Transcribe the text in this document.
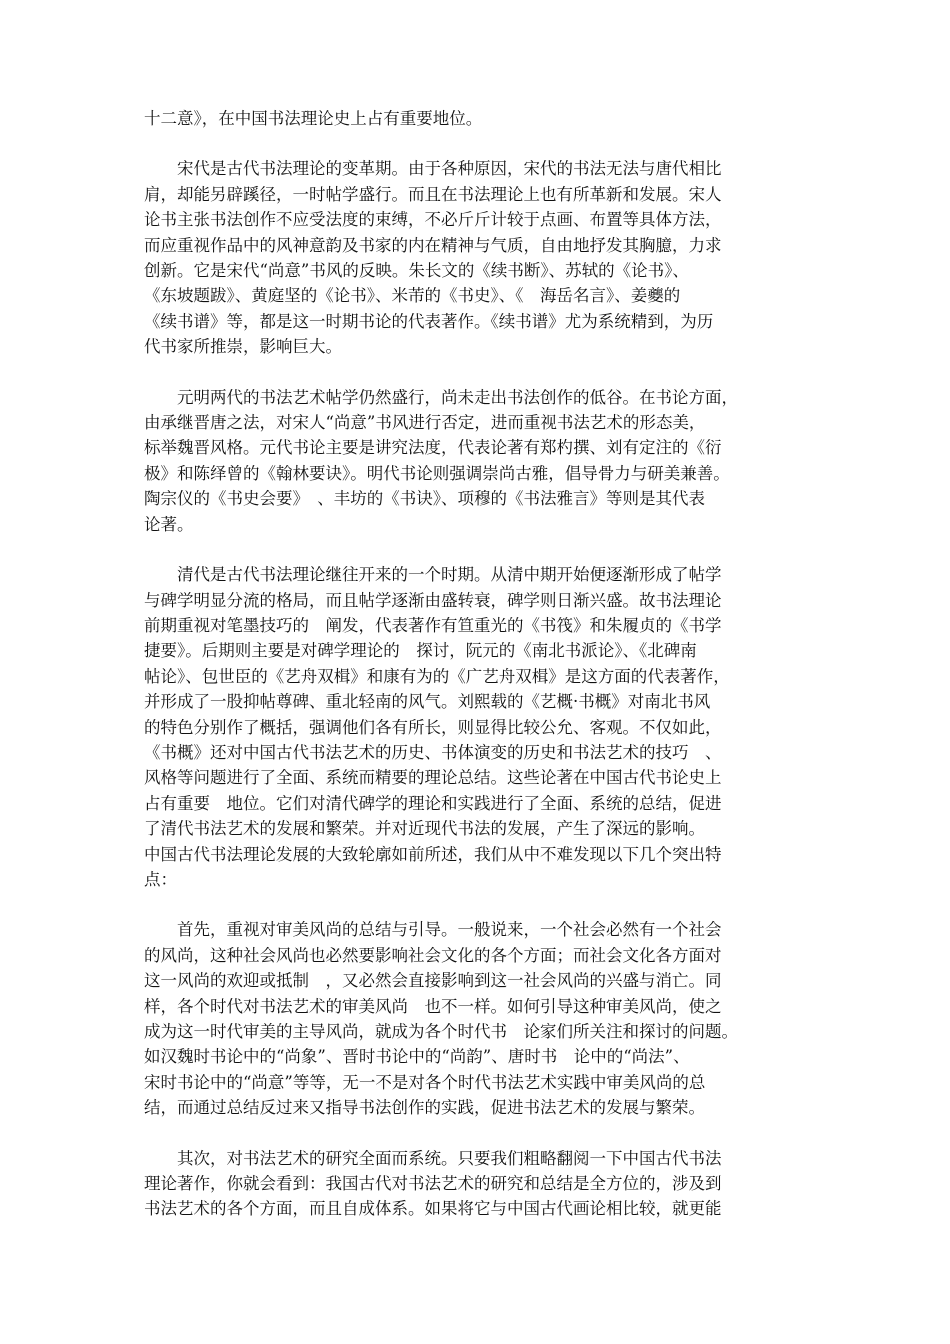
十二意》，在中国书法理论史上占有重要地位。

　　宋代是古代书法理论的变革期。由于各种原因，宋代的书法无法与唐代相比
肩，却能另辟蹊径，一时帖学盛行。而且在书法理论上也有所革新和发展。宋人
论书主张书法创作不应受法度的束缚，不必斤斤计较于点画、布置等具体方法，
而应重视作品中的风神意韵及书家的内在精神与气质，自由地抒发其胸臆，力求
创新。它是宋代“尚意”书风的反映。朱长文的《续书断》、苏轼的《论书》、
《东坡题跋》、黄庭坚的《论书》、米芾的《书史》、《　海岳名言》、姜夔的
《续书谱》等，都是这一时期书论的代表著作。《续书谱》尤为系统精到，为历
代书家所推崇，影响巨大。

　　元明两代的书法艺术帖学仍然盛行，尚未走出书法创作的低谷。在书论方面，
由承继晋唐之法，对宋人“尚意”书风进行否定，进而重视书法艺术的形态美，
标举魏晋风格。元代书论主要是讲究法度，代表论著有郑杓撰、刘有定注的《衍
极》和陈绎曾的《翰林要诀》。明代书论则强调崇尚古雅，倡导骨力与研美兼善。
陶宗仪的《书史会要》　、丰坊的《书诀》、项穆的《书法雅言》等则是其代表
论著。

　　清代是古代书法理论继往开来的一个时期。从清中期开始便逐渐形成了帖学
与碑学明显分流的格局，而且帖学逐渐由盛转衰，碑学则日渐兴盛。故书法理论
前期重视对笔墨技巧的　阐发，代表著作有笪重光的《书筏》和朱履贞的《书学
捷要》。后期则主要是对碑学理论的　探讨，阮元的《南北书派论》、《北碑南
帖论》、包世臣的《艺舟双楫》和康有为的《广艺舟双楫》是这方面的代表著作，
并形成了一股抑帖尊碑、重北轻南的风气。刘熙载的《艺概·书概》对南北书风
的特色分别作了概括，强调他们各有所长，则显得比较公允、客观。不仅如此，
《书概》还对中国古代书法艺术的历史、书体演变的历史和书法艺术的技巧　、
风格等问题进行了全面、系统而精要的理论总结。这些论著在中国古代书论史上
占有重要　地位。它们对清代碑学的理论和实践进行了全面、系统的总结，促进
了清代书法艺术的发展和繁荣。并对近现代书法的发展，产生了深远的影响。
中国古代书法理论发展的大致轮廓如前所述，我们从中不难发现以下几个突出特
点：

　　首先，重视对审美风尚的总结与引导。一般说来，一个社会必然有一个社会
的风尚，这种社会风尚也必然要影响社会文化的各个方面；而社会文化各方面对
这一风尚的欢迎或抵制　，又必然会直接影响到这一社会风尚的兴盛与消亡。同
样，各个时代对书法艺术的审美风尚　也不一样。如何引导这种审美风尚，使之
成为这一时代审美的主导风尚，就成为各个时代书　论家们所关注和探讨的问题。
如汉魏时书论中的“尚象”、晋时书论中的“尚韵”、唐时书　论中的“尚法”、
宋时书论中的“尚意”等等，无一不是对各个时代书法艺术实践中审美风尚的总
结，而通过总结反过来又指导书法创作的实践，促进书法艺术的发展与繁荣。

　　其次，对书法艺术的研究全面而系统。只要我们粗略翻阅一下中国古代书法
理论著作，你就会看到：我国古代对书法艺术的研究和总结是全方位的，涉及到
书法艺术的各个方面，而且自成体系。如果将它与中国古代画论相比较，就更能
